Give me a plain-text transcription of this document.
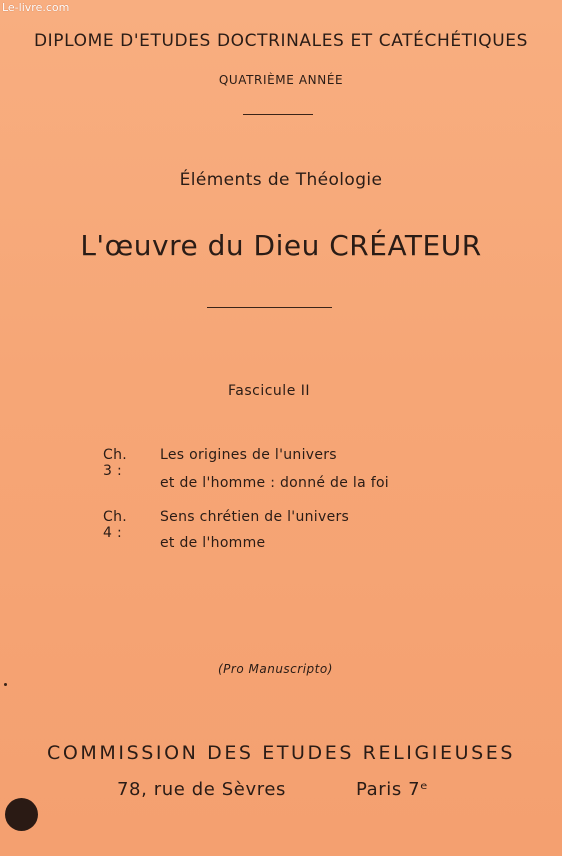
Le-livre.com
DIPLOME D'ETUDES DOCTRINALES ET CATÉCHÉTIQUES
QUATRIÈME ANNÉE
Éléments de Théologie
L'œuvre du Dieu CRÉATEUR
Fascicule II
Ch. 3 :
Les origines de l'univers
et de l'homme : donné de la foi
Ch. 4 :
Sens chrétien de l'univers
et de l'homme
(Pro Manuscripto)
COMMISSION DES ETUDES RELIGIEUSES
78, rue de Sèvres	Paris 7ᵉ
